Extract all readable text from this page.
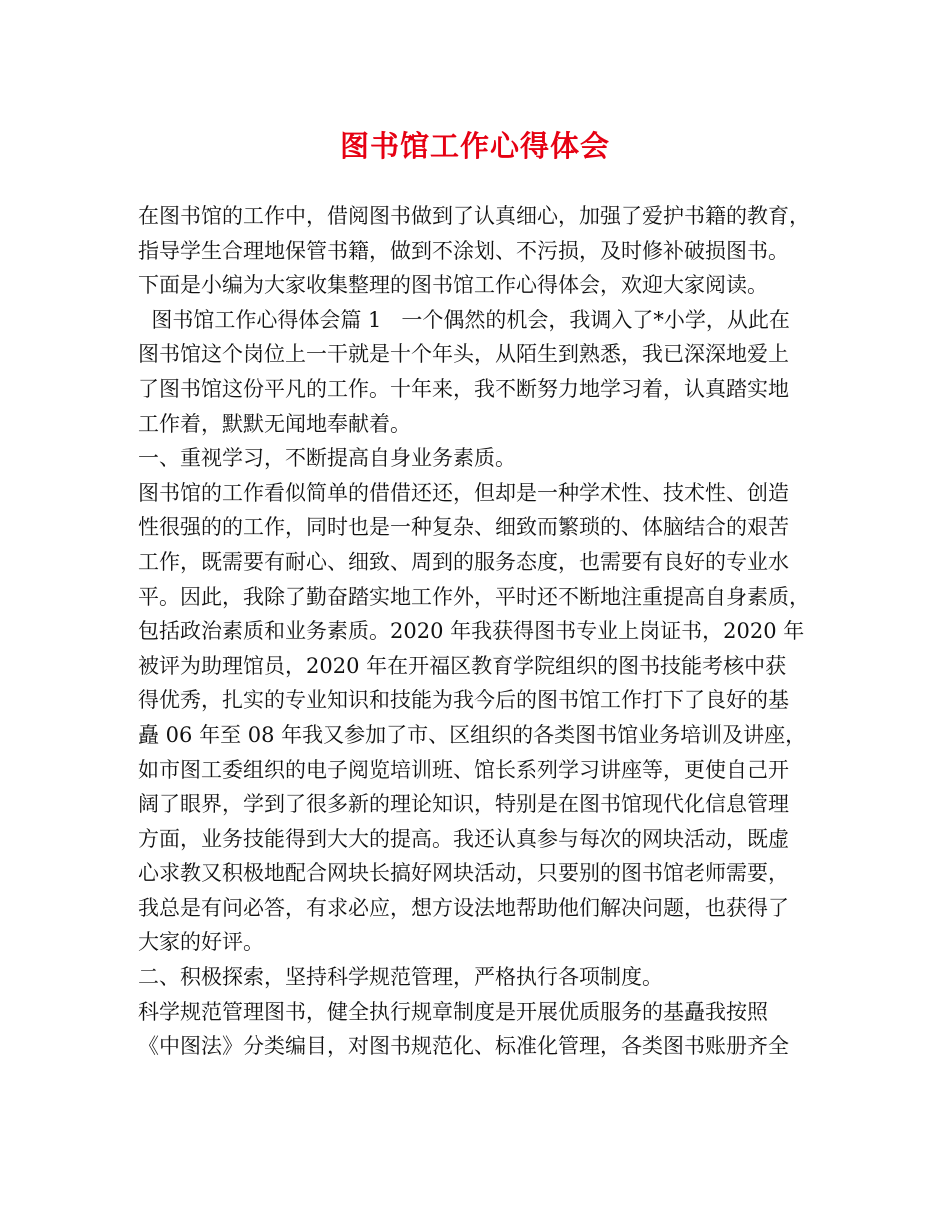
图书馆工作心得体会
在图书馆的工作中，借阅图书做到了认真细心，加强了爱护书籍的教育，
指导学生合理地保管书籍，做到不涂划、不污损，及时修补破损图书。
下面是小编为大家收集整理的图书馆工作心得体会，欢迎大家阅读。
图书馆工作心得体会篇 1   一个偶然的机会，我调入了*小学，从此在
图书馆这个岗位上一干就是十个年头，从陌生到熟悉，我已深深地爱上
了图书馆这份平凡的工作。十年来，我不断努力地学习着，认真踏实地
工作着，默默无闻地奉献着。
一、重视学习，不断提高自身业务素质。
图书馆的工作看似简单的借借还还，但却是一种学术性、技术性、创造
性很强的的工作，同时也是一种复杂、细致而繁琐的、体脑结合的艰苦
工作，既需要有耐心、细致、周到的服务态度，也需要有良好的专业水
平。因此，我除了勤奋踏实地工作外，平时还不断地注重提高自身素质，
包括政治素质和业务素质。2020 年我获得图书专业上岗证书，2020 年
被评为助理馆员，2020 年在开福区教育学院组织的图书技能考核中获
得优秀，扎实的专业知识和技能为我今后的图书馆工作打下了良好的基
矗 06 年至 08 年我又参加了市、区组织的各类图书馆业务培训及讲座，
如市图工委组织的电子阅览培训班、馆长系列学习讲座等，更使自己开
阔了眼界，学到了很多新的理论知识，特别是在图书馆现代化信息管理
方面，业务技能得到大大的提高。我还认真参与每次的网块活动，既虚
心求教又积极地配合网块长搞好网块活动，只要别的图书馆老师需要，
我总是有问必答，有求必应，想方设法地帮助他们解决问题，也获得了
大家的好评。
二、积极探索，坚持科学规范管理，严格执行各项制度。
科学规范管理图书，健全执行规章制度是开展优质服务的基矗我按照
《中图法》分类编目，对图书规范化、标准化管理，各类图书账册齐全
